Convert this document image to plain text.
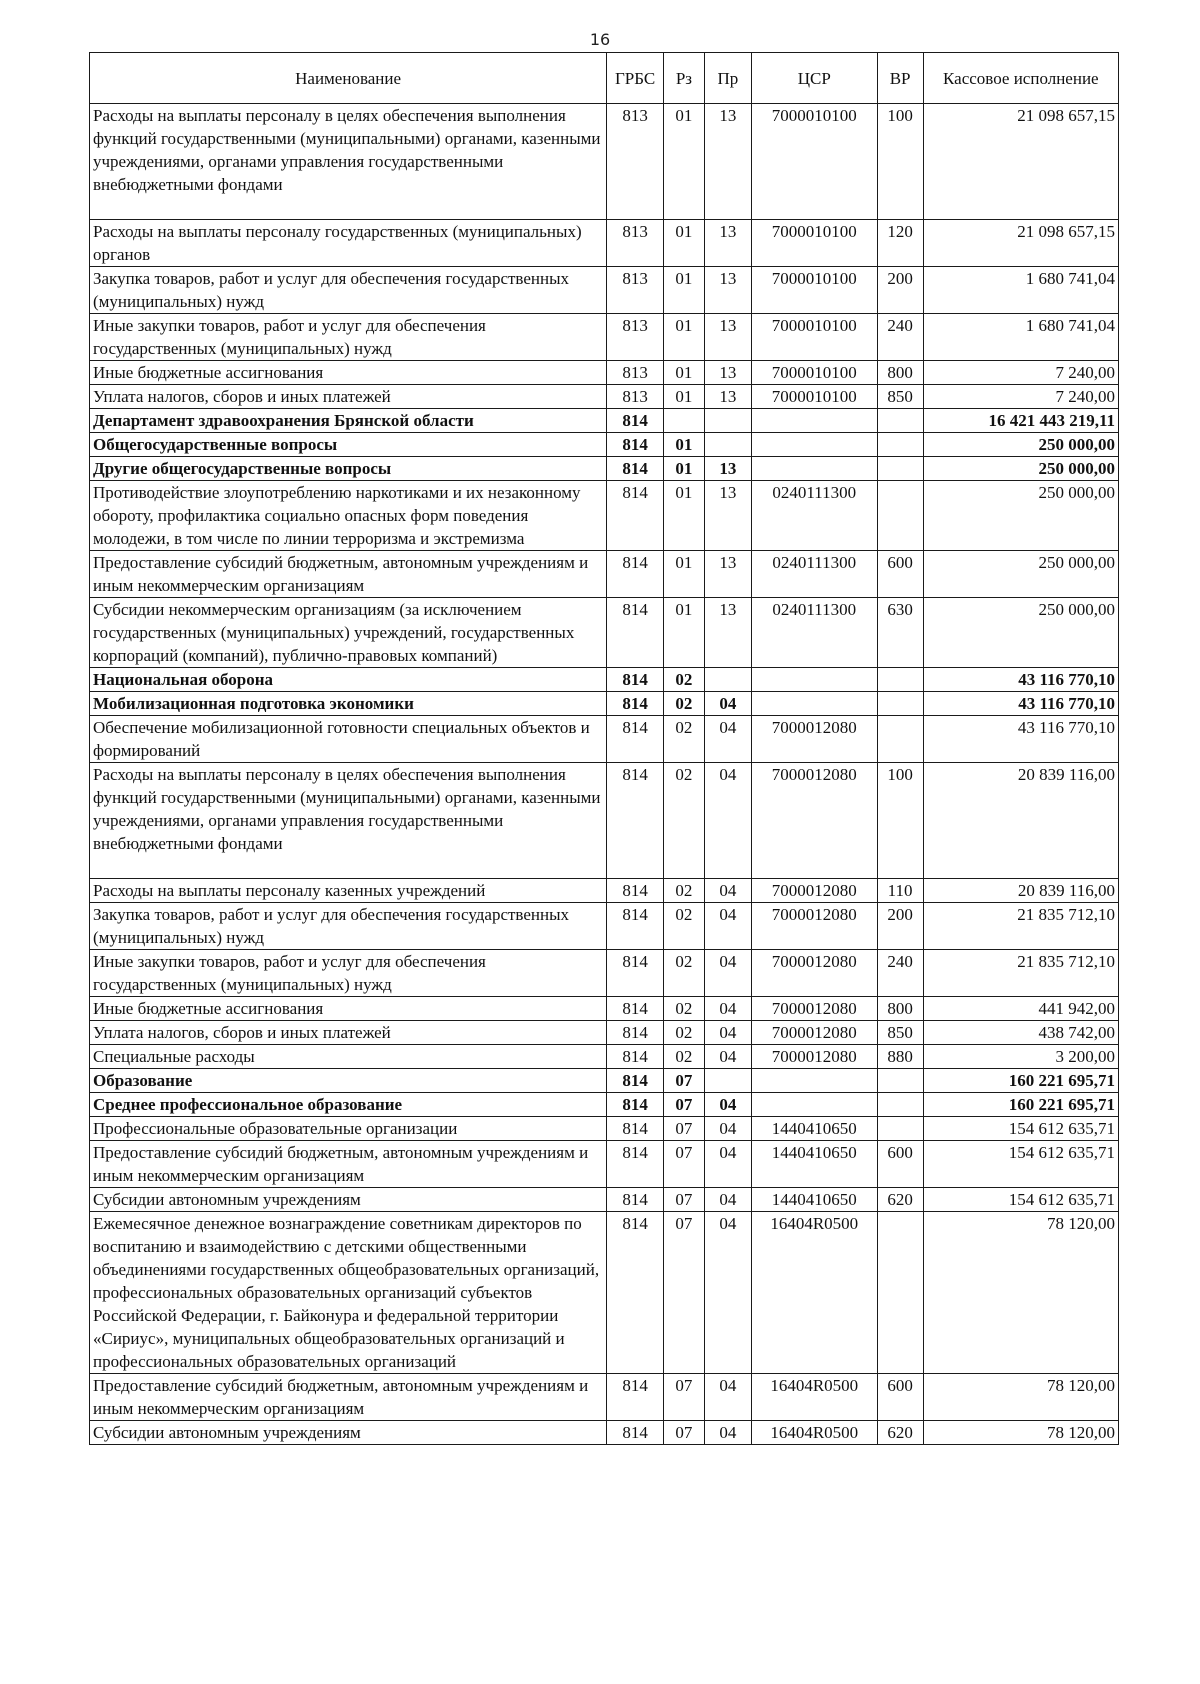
16
Наименование	ГРБС	Рз	Пр	ЦСР	ВР	Кассовое исполнение
Расходы на выплаты персоналу в целях обеспечения выполнения функций государственными (муниципальными) органами, казенными учреждениями, органами управления государственными внебюджетными фондами	813	01	13	7000010100	100	21 098 657,15
Расходы на выплаты персоналу государственных (муниципальных) органов	813	01	13	7000010100	120	21 098 657,15
Закупка товаров, работ и услуг для обеспечения государственных (муниципальных) нужд	813	01	13	7000010100	200	1 680 741,04
Иные закупки товаров, работ и услуг для обеспечения государственных (муниципальных) нужд	813	01	13	7000010100	240	1 680 741,04
Иные бюджетные ассигнования	813	01	13	7000010100	800	7 240,00
Уплата налогов, сборов и иных платежей	813	01	13	7000010100	850	7 240,00
Департамент здравоохранения Брянской области	814					16 421 443 219,11
Общегосударственные вопросы	814	01				250 000,00
Другие общегосударственные вопросы	814	01	13			250 000,00
Противодействие злоупотреблению наркотиками и их незаконному обороту, профилактика социально опасных форм поведения молодежи, в том числе по линии терроризма и экстремизма	814	01	13	0240111300		250 000,00
Предоставление субсидий бюджетным, автономным учреждениям и иным некоммерческим организациям	814	01	13	0240111300	600	250 000,00
Субсидии некоммерческим организациям (за исключением государственных (муниципальных) учреждений, государственных корпораций (компаний), публично-правовых компаний)	814	01	13	0240111300	630	250 000,00
Национальная оборона	814	02				43 116 770,10
Мобилизационная подготовка экономики	814	02	04			43 116 770,10
Обеспечение мобилизационной готовности специальных объектов и формирований	814	02	04	7000012080		43 116 770,10
Расходы на выплаты персоналу в целях обеспечения выполнения функций государственными (муниципальными) органами, казенными учреждениями, органами управления государственными внебюджетными фондами	814	02	04	7000012080	100	20 839 116,00
Расходы на выплаты персоналу казенных учреждений	814	02	04	7000012080	110	20 839 116,00
Закупка товаров, работ и услуг для обеспечения государственных (муниципальных) нужд	814	02	04	7000012080	200	21 835 712,10
Иные закупки товаров, работ и услуг для обеспечения государственных (муниципальных) нужд	814	02	04	7000012080	240	21 835 712,10
Иные бюджетные ассигнования	814	02	04	7000012080	800	441 942,00
Уплата налогов, сборов и иных платежей	814	02	04	7000012080	850	438 742,00
Специальные расходы	814	02	04	7000012080	880	3 200,00
Образование	814	07				160 221 695,71
Среднее профессиональное образование	814	07	04			160 221 695,71
Профессиональные образовательные организации	814	07	04	1440410650		154 612 635,71
Предоставление субсидий бюджетным, автономным учреждениям и иным некоммерческим организациям	814	07	04	1440410650	600	154 612 635,71
Субсидии автономным учреждениям	814	07	04	1440410650	620	154 612 635,71
Ежемесячное денежное вознаграждение советникам директоров по воспитанию и взаимодействию с детскими общественными объединениями государственных общеобразовательных организаций, профессиональных образовательных организаций субъектов Российской Федерации, г. Байконура и федеральной территории «Сириус», муниципальных общеобразовательных организаций и профессиональных образовательных организаций	814	07	04	16404R0500		78 120,00
Предоставление субсидий бюджетным, автономным учреждениям и иным некоммерческим организациям	814	07	04	16404R0500	600	78 120,00
Субсидии автономным учреждениям	814	07	04	16404R0500	620	78 120,00
